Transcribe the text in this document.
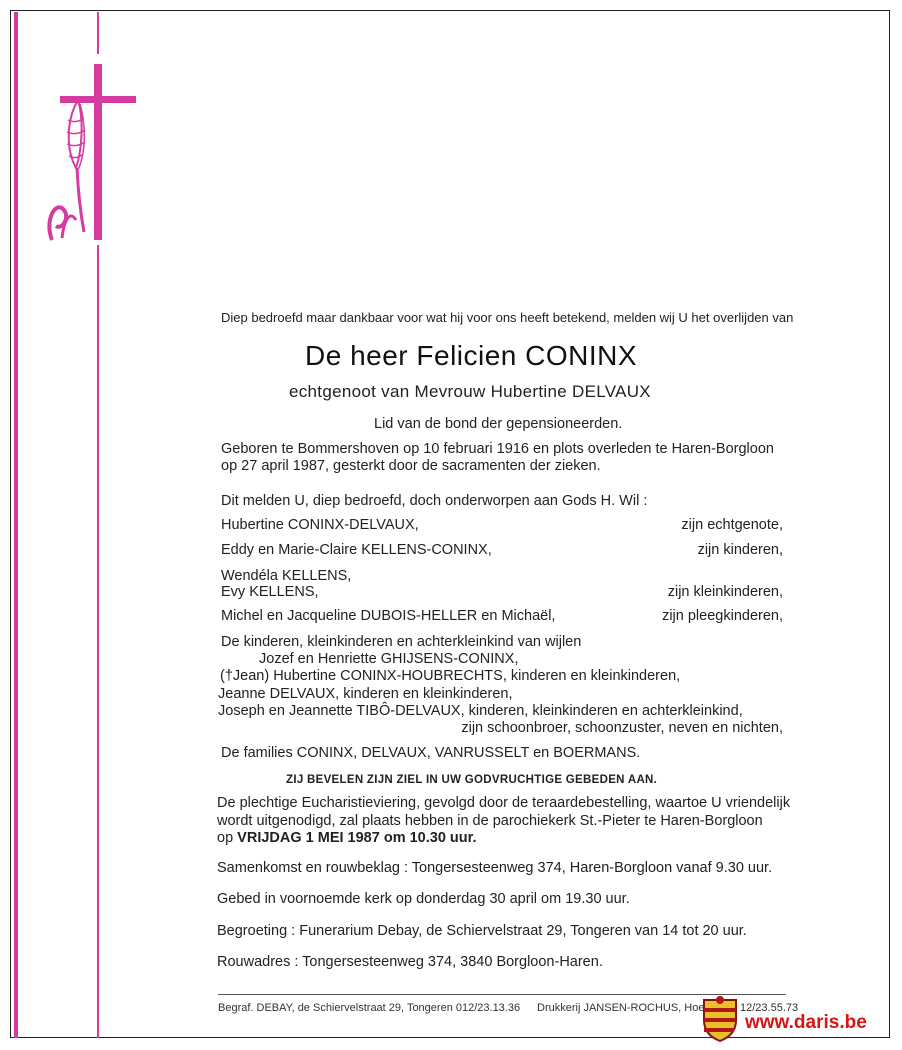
Diep bedroefd maar dankbaar voor wat hij voor ons heeft betekend, melden wij U het overlijden van
De heer Felicien CONINX
echtgenoot van Mevrouw Hubertine DELVAUX
Lid van de bond der gepensioneerden.
Geboren te Bommershoven op 10 februari 1916 en plots overleden te Haren-Borgloon
op 27 april 1987, gesterkt door de sacramenten der zieken.
Dit melden U, diep bedroefd, doch onderworpen aan Gods H. Wil :
Hubertine CONINX-DELVAUX,	zijn echtgenote,
Eddy en Marie-Claire KELLENS-CONINX,	zijn kinderen,
Wendéla KELLENS,
Evy KELLENS,	zijn kleinkinderen,
Michel en Jacqueline DUBOIS-HELLER en Michaël,	zijn pleegkinderen,
De kinderen, kleinkinderen en achterkleinkind van wijlen
Jozef en Henriette GHIJSENS-CONINX,
(†Jean) Hubertine CONINX-HOUBRECHTS, kinderen en kleinkinderen,
Jeanne DELVAUX, kinderen en kleinkinderen,
Joseph en Jeannette TIBÔ-DELVAUX, kinderen, kleinkinderen en achterkleinkind,
zijn schoonbroer, schoonzuster, neven en nichten,
De families CONINX, DELVAUX, VANRUSSELT en BOERMANS.
ZIJ BEVELEN ZIJN ZIEL IN UW GODVRUCHTIGE GEBEDEN AAN.
De plechtige Eucharistieviering, gevolgd door de teraardebestelling, waartoe U vriendelijk
wordt uitgenodigd, zal plaats hebben in de parochiekerk St.-Pieter te Haren-Borgloon
op VRIJDAG 1 MEI 1987 om 10.30 uur.
Samenkomst en rouwbeklag : Tongersesteenweg 374, Haren-Borgloon vanaf 9.30 uur.
Gebed in voornoemde kerk op donderdag 30 april om 19.30 uur.
Begroeting : Funerarium Debay, de Schiervelstraat 29, Tongeren van 14 tot 20 uur.
Rouwadres : Tongersesteenweg 374, 3840 Borgloon-Haren.
Begraf. DEBAY, de Schiervelstraat 29, Tongeren 012/23.13.36 Drukkerij JANSEN-ROCHUS, Hoe	12/23.55.73
www.daris.be
